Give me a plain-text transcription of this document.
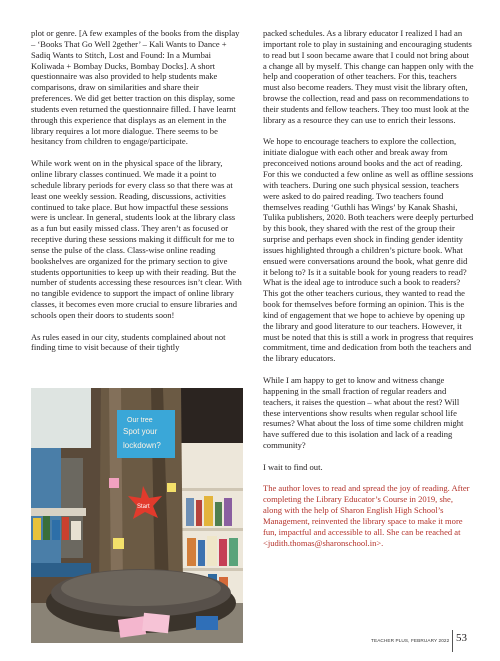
plot or genre. [A few examples of the books from the display – ‘Books That Go Well 2gether’ – Kali Wants to Dance + Sadiq Wants to Stitch, Lost and Found: In a Mumbai Koliwada + Bombay Ducks, Bombay Docks]. A short questionnaire was also provided to help students make comparisons, draw on similarities and share their preferences. We did get better traction on this display, some students even returned the questionnaire filled. I have learnt through this experience that displays as an element in the library requires a lot more dialogue. There seems to be hesitancy from children to engage/participate.

While work went on in the physical space of the library, online library classes continued. We made it a point to schedule library periods for every class so that there was at least one weekly session. Reading, discussions, activities continued to take place. But how impactful these sessions were is unclear. In general, students look at the library class as a fun but easily missed class. They aren’t as focused or receptive during these sessions making it difficult for me to sense the pulse of the class. Class-wise online reading bookshelves are organized for the primary section to give students opportunities to keep up with their reading. But the number of students accessing these resources isn’t clear. With no tangible evidence to support the impact of online library classes, it becomes even more crucial to ensure libraries and schools open their doors to students soon!

As rules eased in our city, students complained about not finding time to visit because of their tightly

packed schedules. As a library educator I realized I had an important role to play in sustaining and encouraging students to read but I soon became aware that I could not bring about a change all by myself. This change can happen only with the help and cooperation of other teachers. For this, teachers must also become readers. They must visit the library often, browse the collection, read and pass on recommendations to their students and fellow teachers. They too must look at the library as a resource they can use to enrich their lessons.

We hope to encourage teachers to explore the collection, initiate dialogue with each other and break away from preconceived notions around books and the act of reading. For this we conducted a few online as well as offline sessions with teachers. During one such physical session, teachers were asked to do paired reading. Two teachers found themselves reading ‘Guthli has Wings’ by Kanak Shashi, Tulika publishers, 2020. Both teachers were deeply perturbed by this book, they shared with the rest of the group their surprise and perhaps even shock in finding gender identity issues highlighted through a children’s picture book. What ensued were conversations around the book, what genre did it belong to? Is it a suitable book for young readers to read? What is the ideal age to introduce such a book to readers? This got the other teachers curious, they wanted to read the book for themselves before forming an opinion. This is the kind of engagement that we hope to achieve by opening up the library and good literature to our teachers. However, it must be noted that this is still a work in progress that requires commitment, time and dedication from both the teachers and the library educators.

While I am happy to get to know and witness change happening in the small fraction of regular readers and teachers, it raises the question – what about the rest? Will these interventions show results when regular school life resumes? What about the loss of time some children might have suffered due to this isolation and lack of a reading community?

I wait to find out.

The author loves to read and spread the joy of reading. After completing the Library Educator’s Course in 2019, she, along with the help of Sharon English High School’s Management, reinvented the library space to make it more fun, impactful and accessible to all. She can be reached at <judith.thomas@sharonschool.in>.

Our tree
Spot your
lockdown?
Start
TEACHER PLUS, FEBRUARY 2022 53
